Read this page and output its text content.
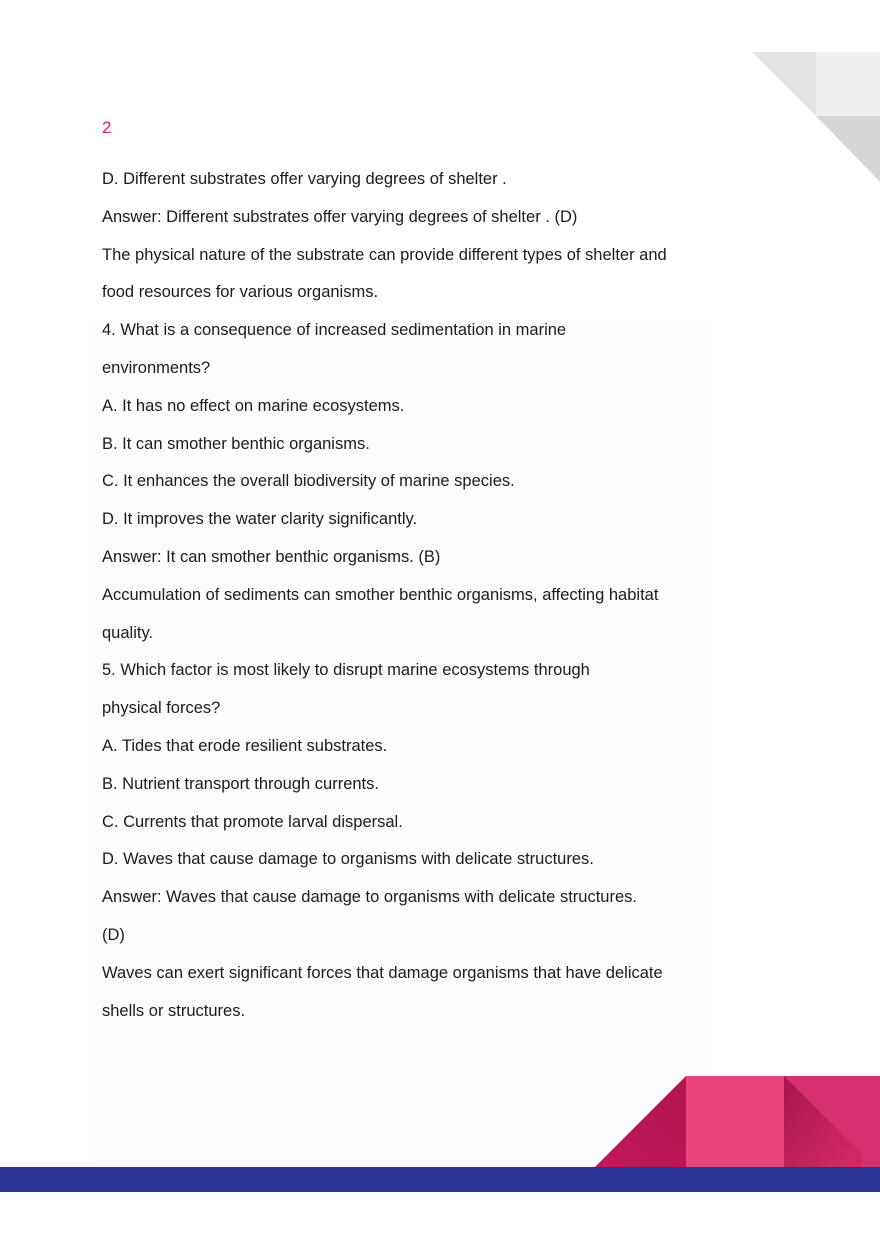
2
D. Different substrates offer varying degrees of shelter .
Answer: Different substrates offer varying degrees of shelter . (D)
The physical nature of the substrate can provide different types of shelter and
food resources for various organisms.
4. What is a consequence of increased sedimentation in marine
environments?
A. It has no effect on marine ecosystems.
B. It can smother benthic organisms.
C. It enhances the overall biodiversity of marine species.
D. It improves the water clarity significantly.
Answer: It can smother benthic organisms. (B)
Accumulation of sediments can smother benthic organisms, affecting habitat
quality.
5. Which factor is most likely to disrupt marine ecosystems through
physical forces?
A. Tides that erode resilient substrates.
B. Nutrient transport through currents.
C. Currents that promote larval dispersal.
D. Waves that cause damage to organisms with delicate structures.
Answer: Waves that cause damage to organisms with delicate structures.
(D)
Waves can exert significant forces that damage organisms that have delicate
shells or structures.
